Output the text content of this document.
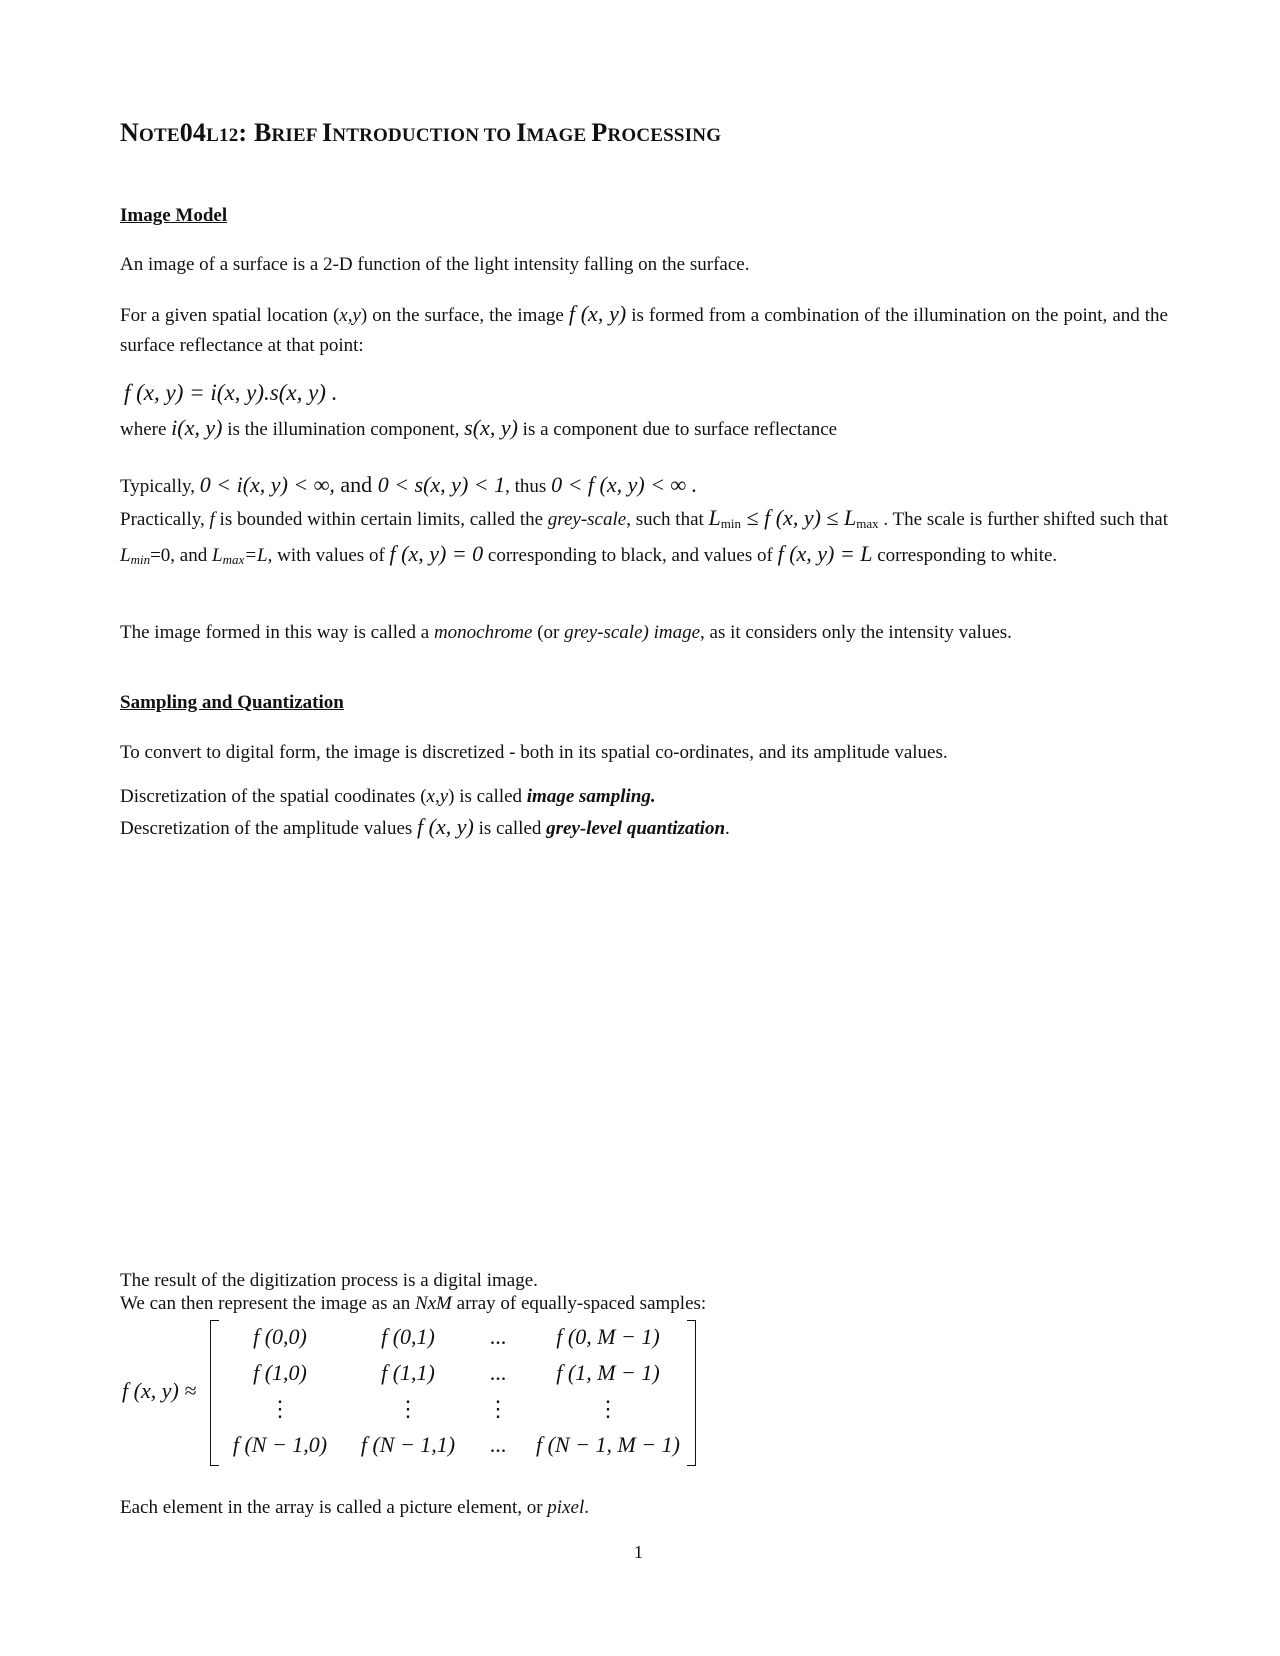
NOTE04L12: BRIEF INTRODUCTION TO IMAGE PROCESSING
Image Model
An image of a surface is a 2-D function of the light intensity falling on the surface.
For a given spatial location (x,y) on the surface, the image f (x, y) is formed from a combination of the illumination on the point, and the surface reflectance at that point:
f (x, y) = i(x, y).s(x, y) .
where i(x, y) is the illumination component, s(x, y) is a component due to surface reflectance
Typically, 0 < i(x, y) < ∞, and 0 < s(x, y) < 1, thus 0 < f (x, y) < ∞ .
Practically, f is bounded within certain limits, called the grey-scale, such that $L_{min} \le f$ (x, $y) \le L_{max}$ . The scale is further shifted such that $L_{min}=0$, and $L_{max}=L$, with values of f (x, y) = 0 corresponding to black, and values of f (x, y) = L corresponding to white.
The image formed in this way is called a monochrome (or grey-scale) image, as it considers only the intensity values.
Sampling and Quantization
To convert to digital form, the image is discretized - both in its spatial co-ordinates, and its amplitude values.
Discretization of the spatial coodinates (x,y) is called image sampling.
Descretization of the amplitude values f (x, y) is called grey-level quantization.
The result of the digitization process is a digital image.
We can then represent the image as an NxM array of equally-spaced samples:
f (x, y) ≈
f (0,0)	f (0,1)	...	f (0, M − 1)
f (1,0)	f (1,1)	...	f (1, M − 1)
⋮	⋮	⋮	⋮
f (N − 1,0)	f (N − 1,1)	...	f (N − 1, M − 1)
Each element in the array is called a picture element, or pixel.
1
